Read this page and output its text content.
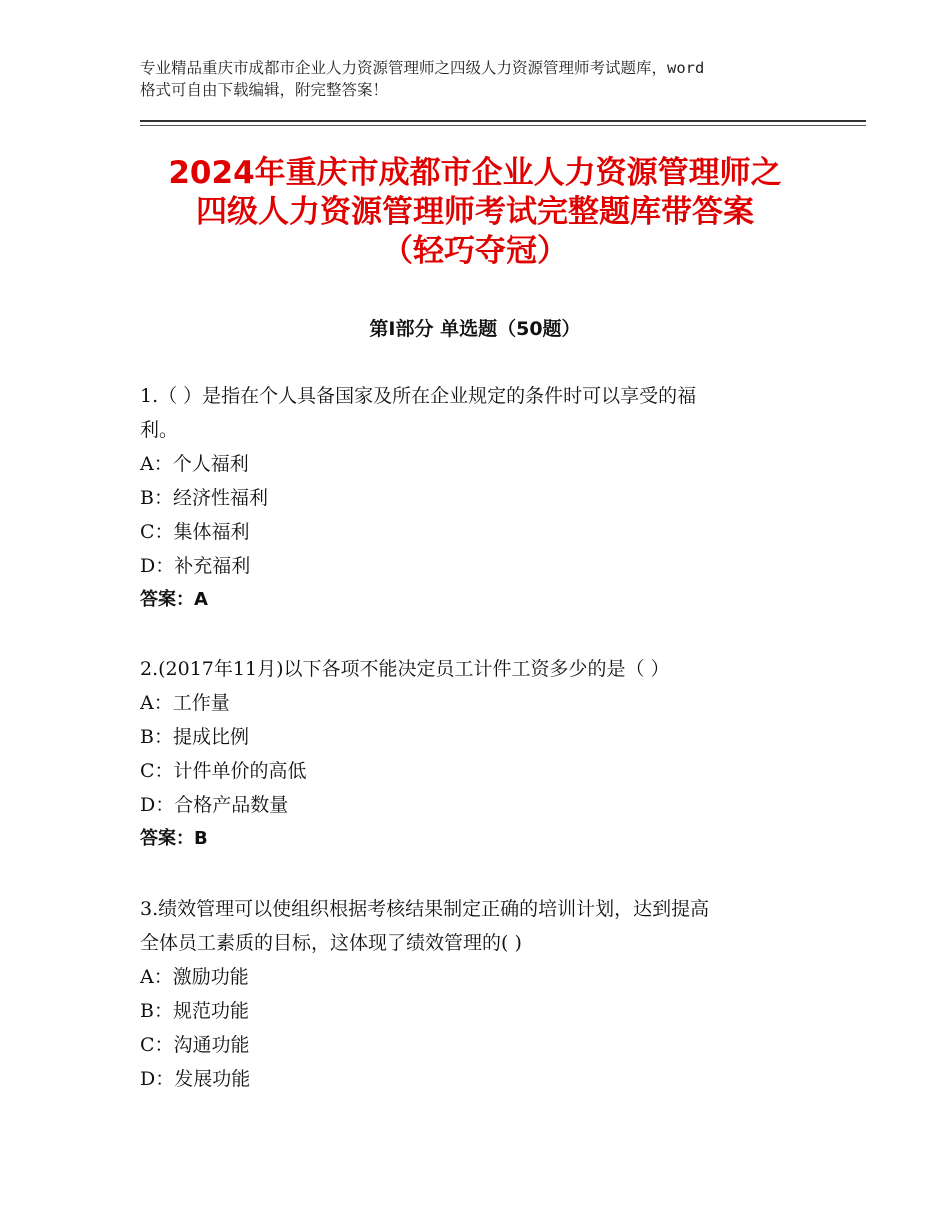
专业精品重庆市成都市企业人力资源管理师之四级人力资源管理师考试题库，word
格式可自由下载编辑，附完整答案！
2024年重庆市成都市企业人力资源管理师之
四级人力资源管理师考试完整题库带答案
（轻巧夺冠）
第Ⅰ部分 单选题（50题）

1.（ ）是指在个人具备国家及所在企业规定的条件时可以享受的福

利。

A：个人福利

B：经济性福利

C：集体福利

D：补充福利

答案：A

2.(2017年11月)以下各项不能决定员工计件工资多少的是（ ）

A：工作量

B：提成比例

C：计件单价的高低

D：合格产品数量

答案：B

3.绩效管理可以使组织根据考核结果制定正确的培训计划，达到提高

全体员工素质的目标，这体现了绩效管理的( )

A：激励功能

B：规范功能

C：沟通功能

D：发展功能
